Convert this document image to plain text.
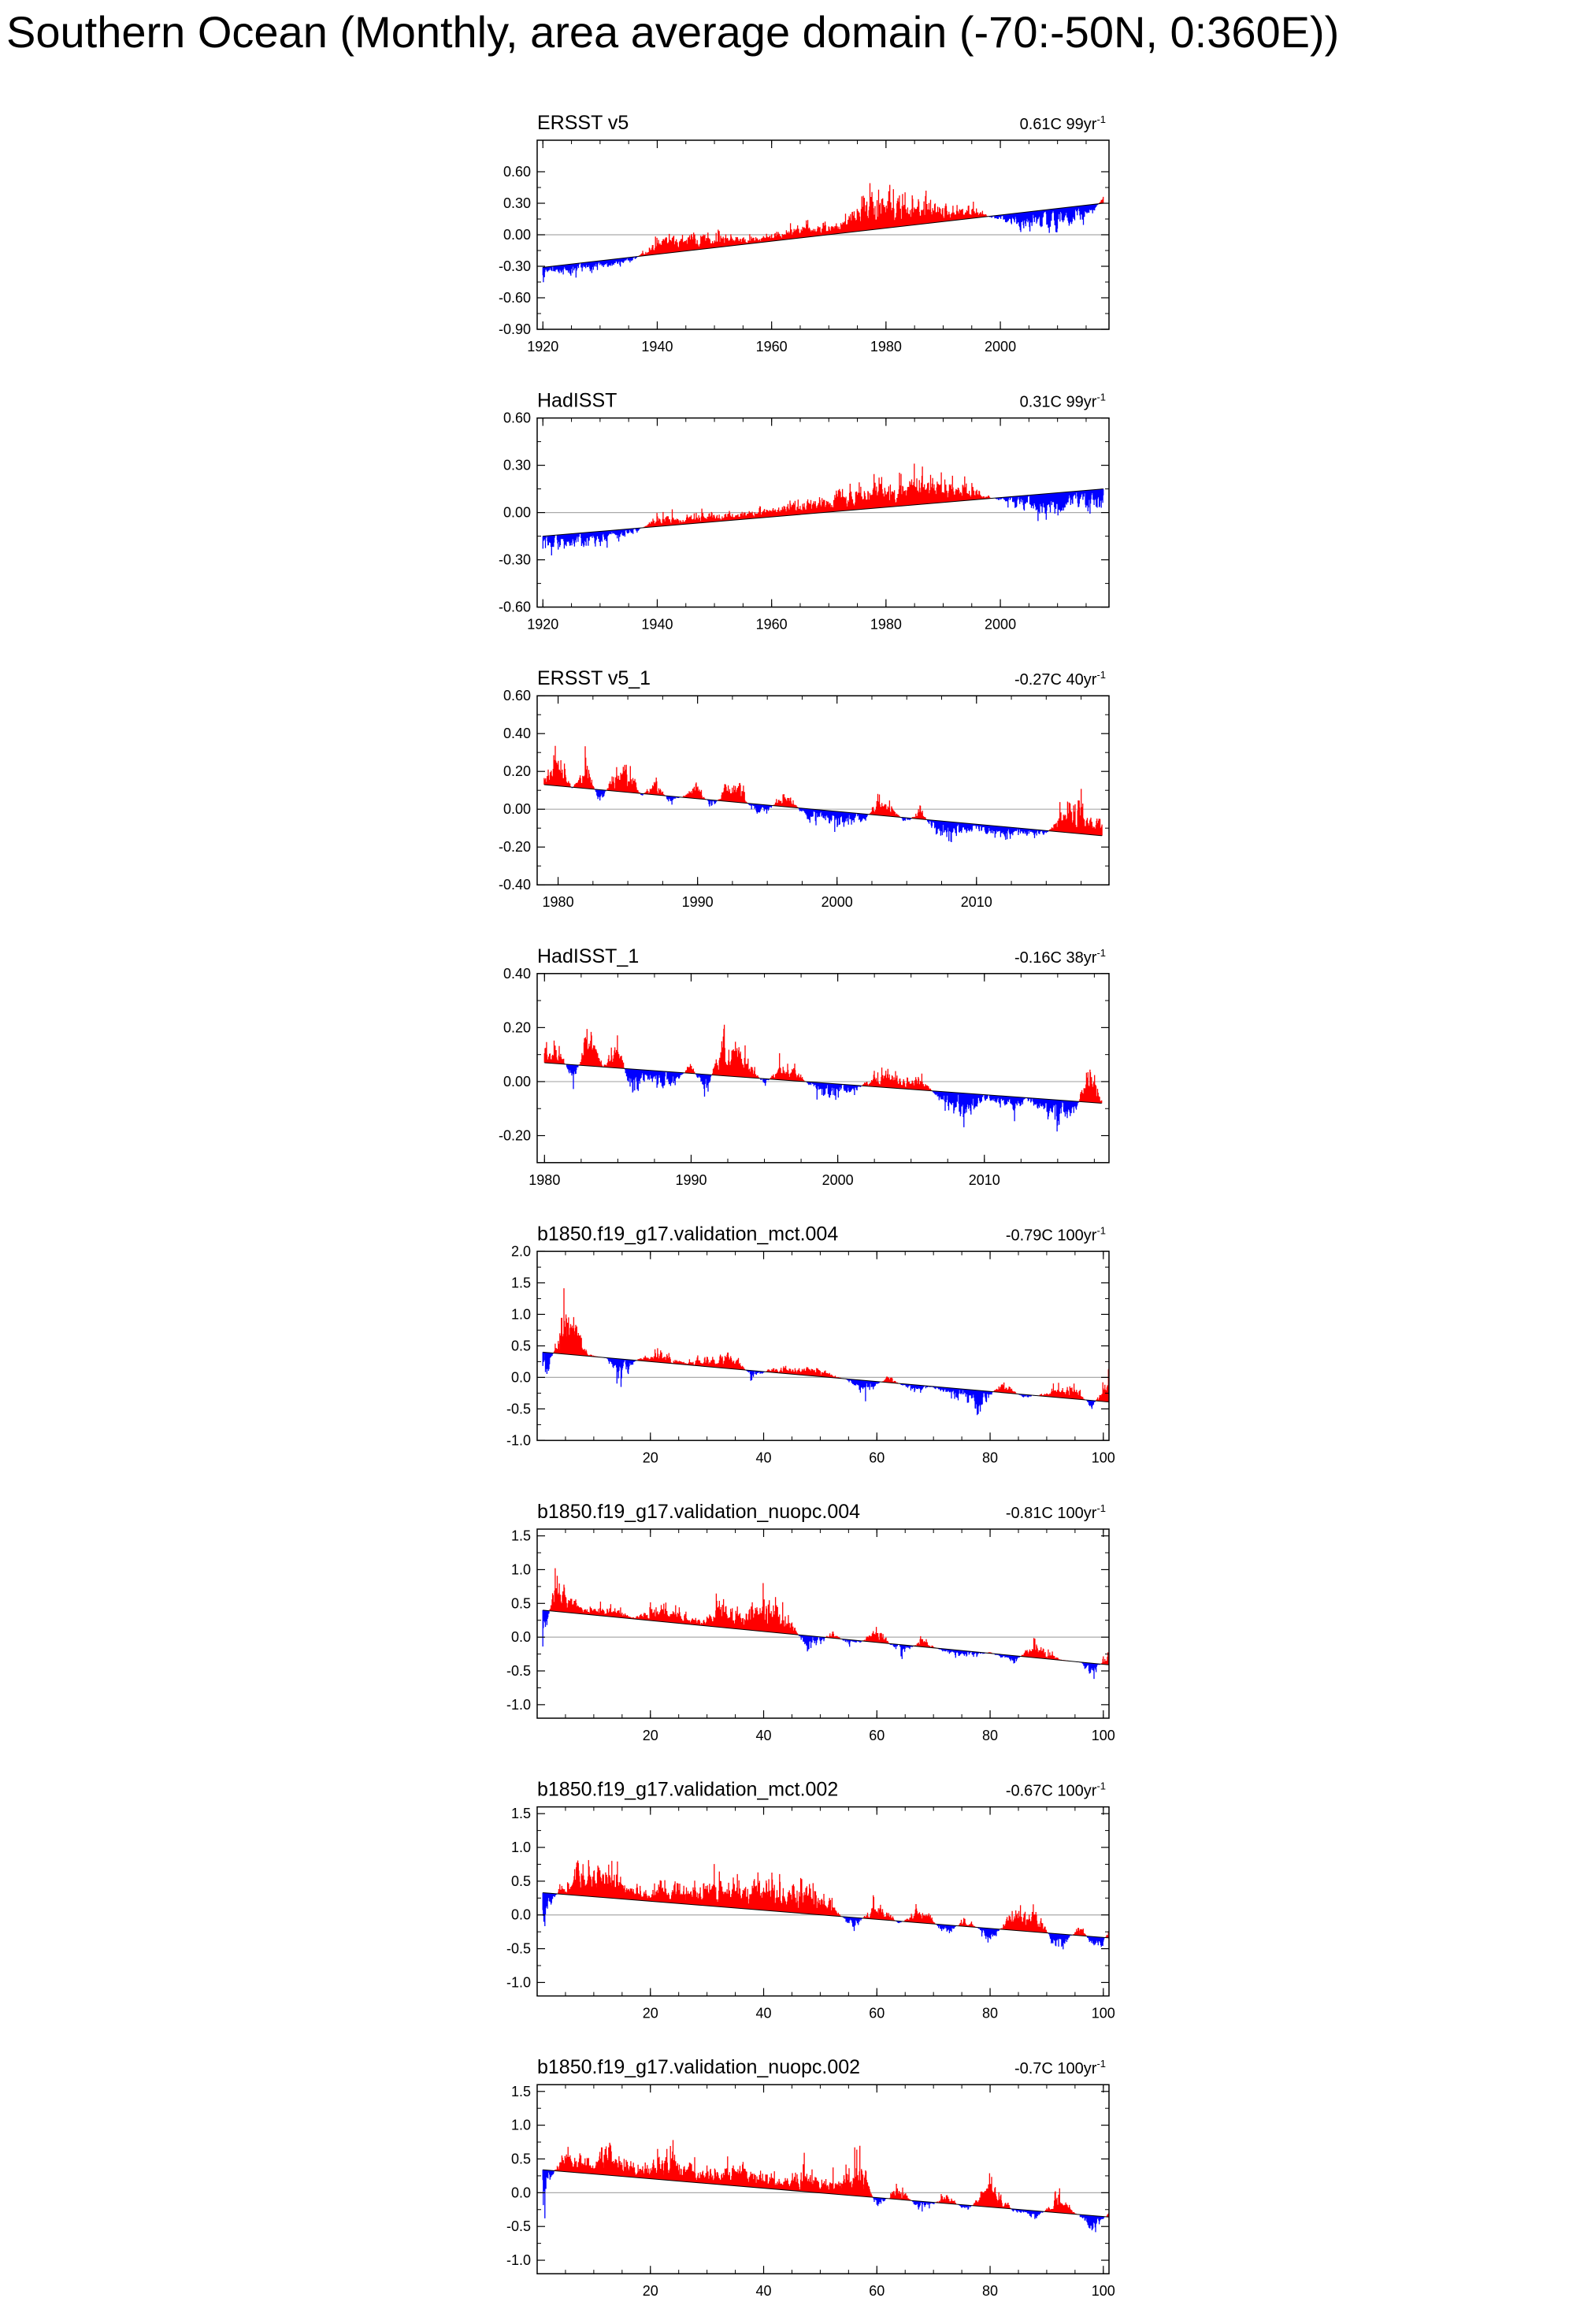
Southern Ocean (Monthly, area average domain (-70:-50N, 0:360E))
ERSST v5	0.61C $99yr^{-1}$
0.60
0.30
0.00
-0.30
-0.60
-0.90
1920	1940	1960	1980	2000
HadISST	0.31C $99yr^{-1}$
0.60
0.30
0.00
-0.30
-0.60
1920	1940	1960	1980	2000
ERSST v5_1	-0.27C $40yr^{-1}$
0.60
0.40
0.20
0.00
-0.20
-0.40
1980	1990	2000	2010
HadISST_1	-0.16C $38yr^{-1}$
0.40
0.20
0.00
-0.20
1980	1990	2000	2010
b1850.f19_g17.validation_mct.004	-0.79C $100yr^{-1}$
2.0
1.5
1.0
0.5
0.0
-0.5
-1.0
20	40	60	80	100
b1850.f19_g17.validation_nuopc.004	-0.81C $100yr^{-1}$
1.5
1.0
0.5
0.0
-0.5
-1.0
20	40	60	80	100
b1850.f19_g17.validation_mct.002	-0.67C $100yr^{-1}$
1.5
1.0
0.5
0.0
-0.5
-1.0
20	40	60	80	100
b1850.f19_g17.validation_nuopc.002	-0.7C $100yr^{-1}$
1.5
1.0
0.5
0.0
-0.5
-1.0
20	40	60	80	100
